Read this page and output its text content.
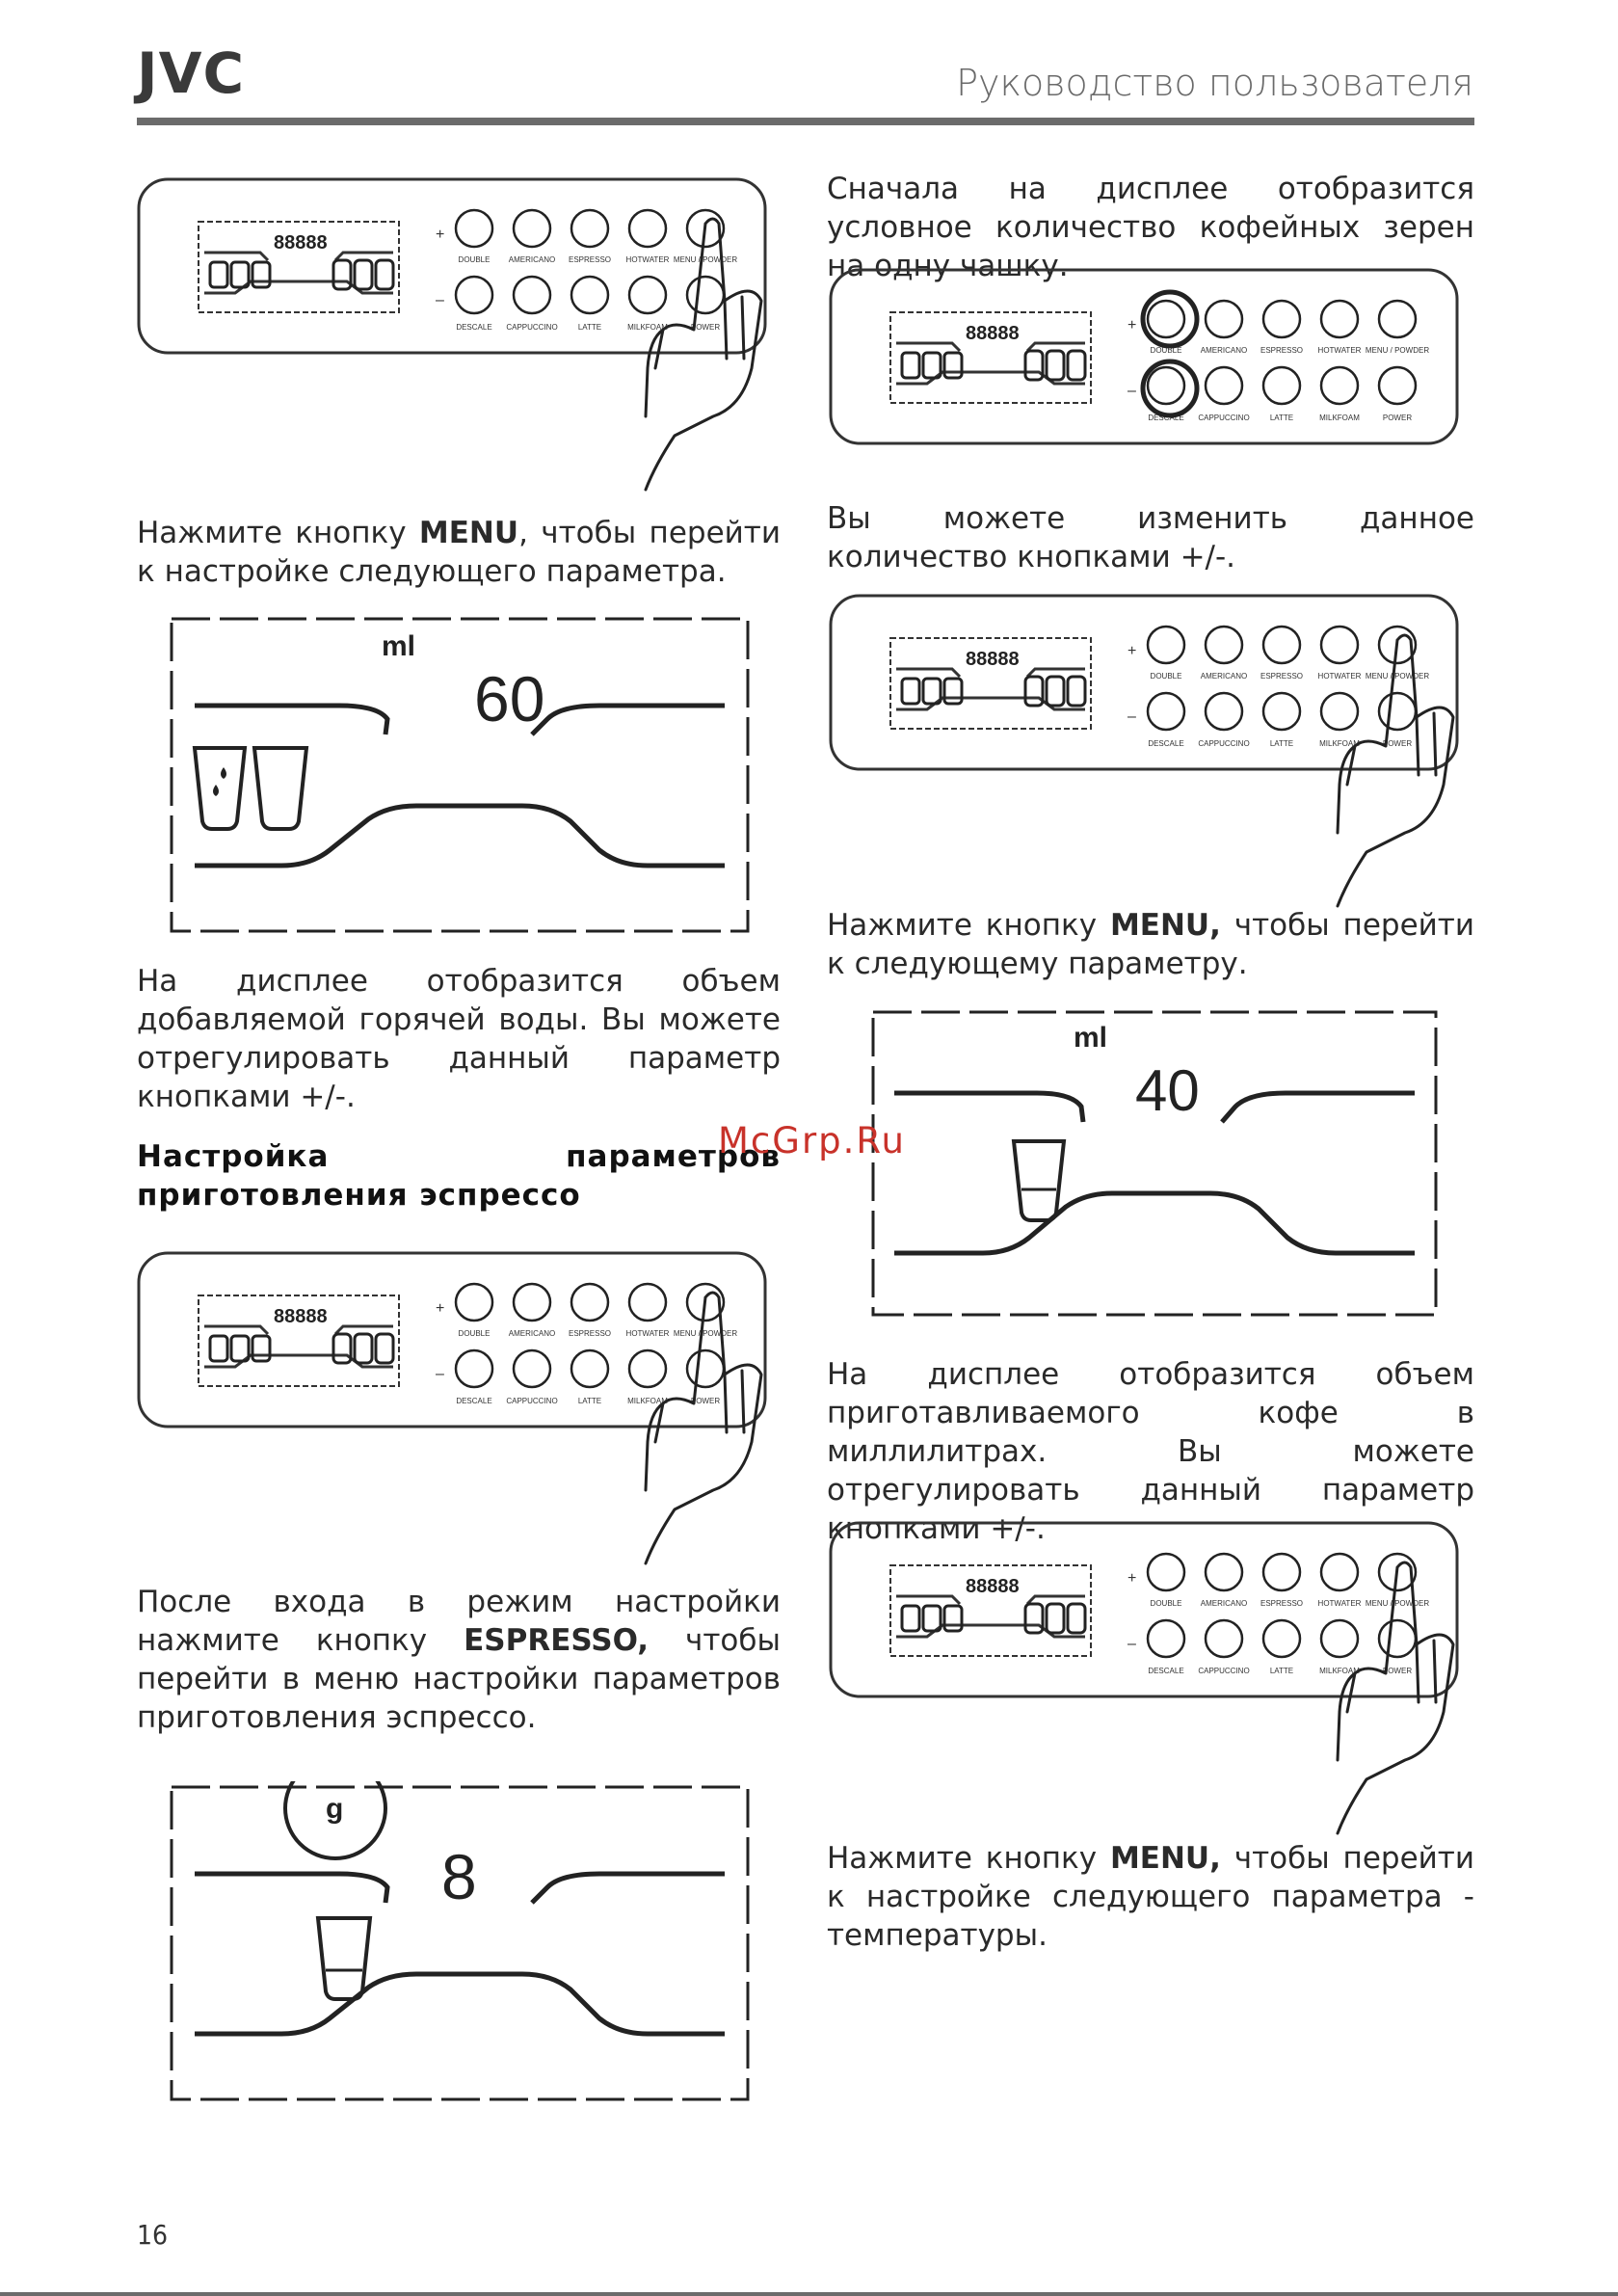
JVC	Руководство пользователя
88888	+
–
DOUBLE
DESCALE
AMERICANO
CAPPUCCINO
ESPRESSO
LATTE
HOTWATER
MILKFOAM
MENU / POWDER
POWER
Нажмите кнопку MENU, чтобы перейти к настройке следующего параметра.
ml
60
На дисплее отобразится объем добавляемой горячей воды. Вы можете отрегулировать данный параметр кнопками +/-.
Настройка параметров приготовления эспрессо
88888	+
–
DOUBLE
DESCALE
AMERICANO
CAPPUCCINO
ESPRESSO
LATTE
HOTWATER
MILKFOAM
MENU / POWDER
POWER
После входа в режим настройки нажмите кнопку ESPRESSO, чтобы перейти в меню настройки параметров приготовления эспрессо.
g
8
Сначала на дисплее отобразится условное количество кофейных зерен на одну чашку.
88888	+
–
DOUBLE
DESCALE
AMERICANO
CAPPUCCINO
ESPRESSO
LATTE
HOTWATER
MILKFOAM
MENU / POWDER
POWER
Вы можете изменить данное количество кнопками +/-.
88888	+
–
DOUBLE
DESCALE
AMERICANO
CAPPUCCINO
ESPRESSO
LATTE
HOTWATER
MILKFOAM
MENU / POWDER
POWER
Нажмите кнопку MENU, чтобы перейти к следующему параметру.
ml
40
На дисплее отобразится объем приготавливаемого кофе в миллилитрах. Вы можете отрегулировать данный параметр кнопками +/-.
88888	+
–
DOUBLE
DESCALE
AMERICANO
CAPPUCCINO
ESPRESSO
LATTE
HOTWATER
MILKFOAM
MENU / POWDER
POWER
Нажмите кнопку MENU, чтобы перейти к настройке следующего параметра - температуры.
McGrp.Ru
16
